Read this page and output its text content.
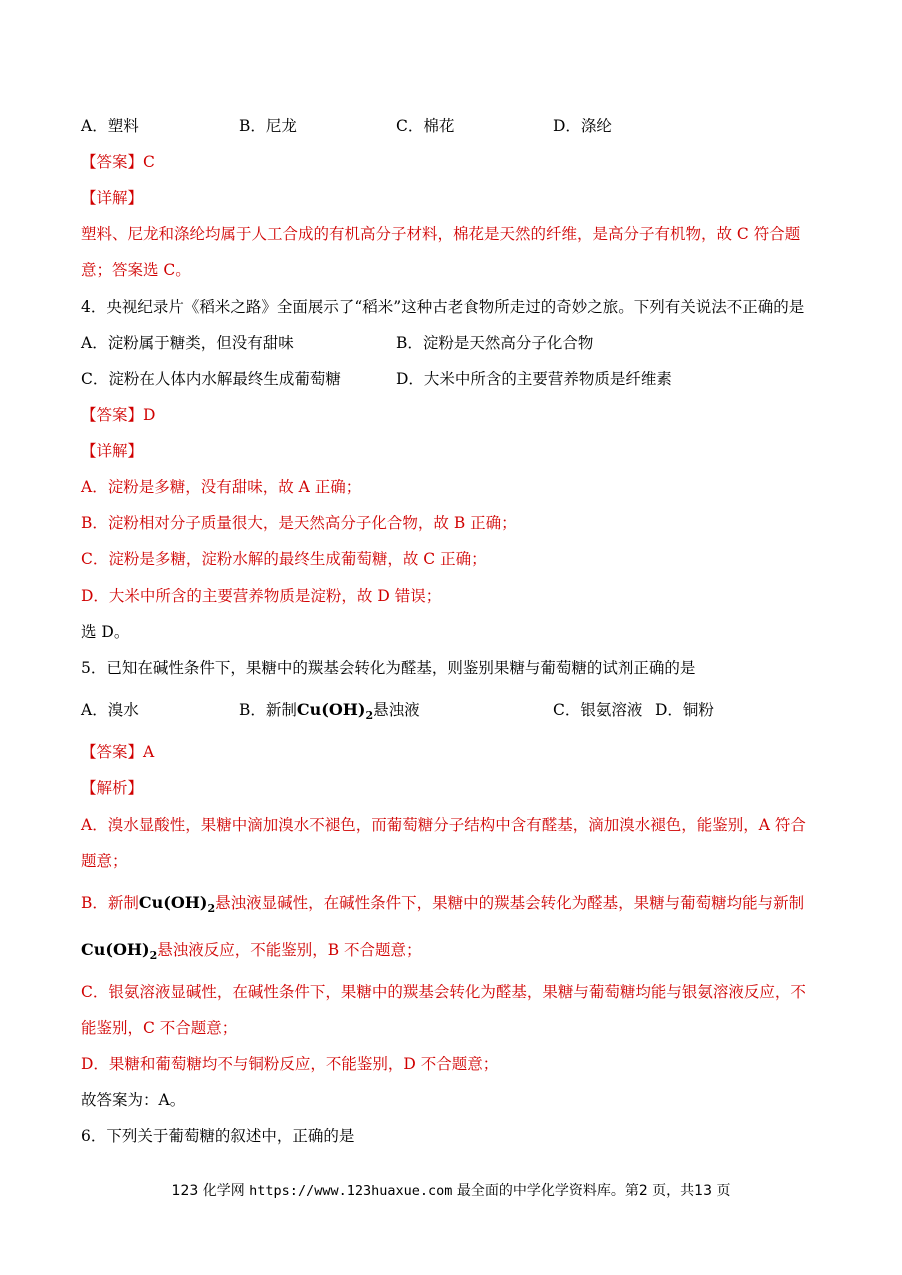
A．塑料	B．尼龙	C．棉花	D．涤纶
【答案】C
【详解】
塑料、尼龙和涤纶均属于人工合成的有机高分子材料，棉花是天然的纤维，是高分子有机物，故 C 符合题
意；答案选 C。
4．央视纪录片《稻米之路》全面展示了“稻米”这种古老食物所走过的奇妙之旅。下列有关说法不正确的是
A．淀粉属于糖类，但没有甜味	B．淀粉是天然高分子化合物
C．淀粉在人体内水解最终生成葡萄糖	D．大米中所含的主要营养物质是纤维素
【答案】D
【详解】
A．淀粉是多糖，没有甜味，故 A 正确；
B．淀粉相对分子质量很大，是天然高分子化合物，故 B 正确；
C．淀粉是多糖，淀粉水解的最终生成葡萄糖，故 C 正确；
D．大米中所含的主要营养物质是淀粉，故 D 错误；
选 D。
5．已知在碱性条件下，果糖中的羰基会转化为醛基，则鉴别果糖与葡萄糖的试剂正确的是
A．溴水	B．新制$Cu(OH)_2$悬浊液	C．银氨溶液 D．铜粉
【答案】A
【解析】
A．溴水显酸性，果糖中滴加溴水不褪色，而葡萄糖分子结构中含有醛基，滴加溴水褪色，能鉴别，A 符合
题意；
B．新制$Cu(OH)_2$悬浊液显碱性，在碱性条件下，果糖中的羰基会转化为醛基，果糖与葡萄糖均能与新制
$Cu(OH)_2$悬浊液反应，不能鉴别，B 不合题意；
C．银氨溶液显碱性，在碱性条件下，果糖中的羰基会转化为醛基，果糖与葡萄糖均能与银氨溶液反应，不
能鉴别，C 不合题意；
D．果糖和葡萄糖均不与铜粉反应，不能鉴别，D 不合题意；
故答案为：A。
6．下列关于葡萄糖的叙述中，正确的是
123 化学网 https://www.123huaxue.com 最全面的中学化学资料库。第2 页，共13 页
